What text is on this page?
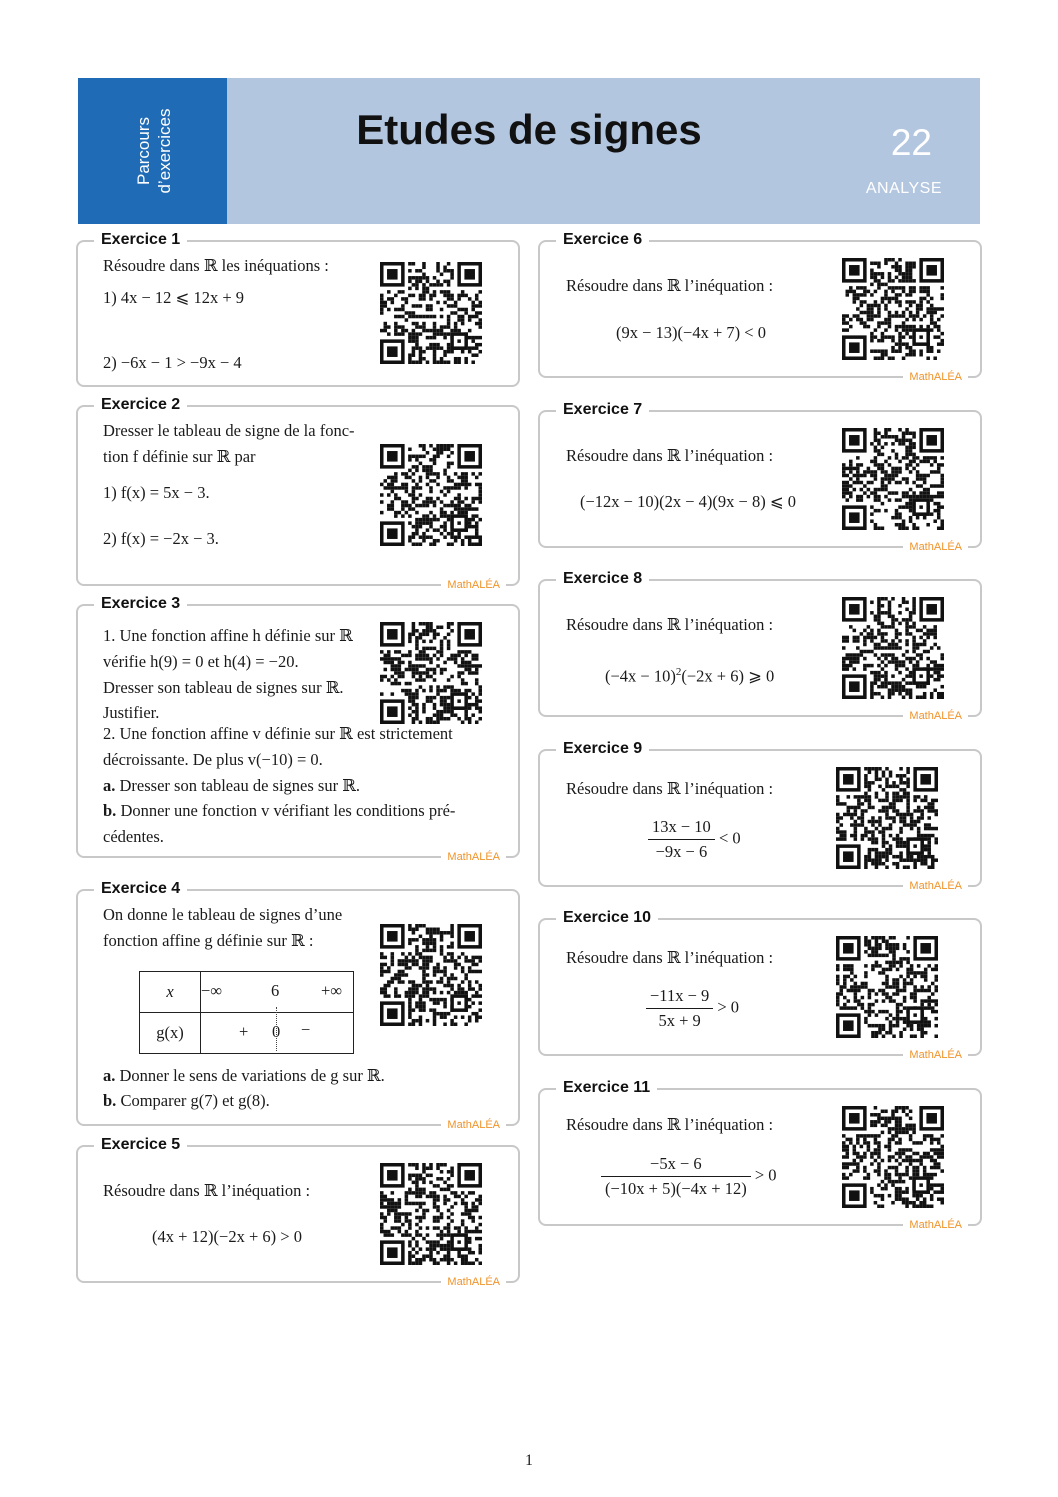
Parcours d’exercices	Etudes de signes	22
ANALYSE
Exercice 1
Résoudre dans ℝ les inéquations :
1) 4x − 12 ⩽ 12x + 9
2) −6x − 1 > −9x − 4
Exercice 2
Dresser le tableau de signe de la fonc-
tion f définie sur ℝ par
1) f(x) = 5x − 3.
2) f(x) = −2x − 3.
MathALÉA
Exercice 3
1. Une fonction affine h définie sur ℝ
vérifie h(9) = 0 et h(4) = −20.
Dresser son tableau de signes sur ℝ.
Justifier.
2. Une fonction affine v définie sur ℝ est strictement
décroissante. De plus v(−10) = 0.
a. Dresser son tableau de signes sur ℝ.
b. Donner une fonction v vérifiant les conditions pré-
cédentes.
MathALÉA
Exercice 4
On donne le tableau de signes d’une
fonction affine g définie sur ℝ :
x	−∞ 6 +∞

g(x)	+ 0 −
a. Donner le sens de variations de g sur ℝ.
b. Comparer g(7) et g(8).
MathALÉA
Exercice 5
Résoudre dans ℝ l’inéquation :
(4x + 12)(−2x + 6) > 0
MathALÉA
Exercice 6
Résoudre dans ℝ l’inéquation :
(9x − 13)(−4x + 7) < 0
MathALÉA
Exercice 7
Résoudre dans ℝ l’inéquation :
(−12x − 10)(2x − 4)(9x − 8) ⩽ 0
MathALÉA
Exercice 8
Résoudre dans ℝ l’inéquation :
$(-4x - 10)^2(-2x + 6)$ ⩾ 0
MathALÉA
Exercice 9
Résoudre dans ℝ l’inéquation :
$\frac{13x - 10}{-9x - 6} < 0$
MathALÉA
Exercice 10
Résoudre dans ℝ l’inéquation :
$\frac{-11x - 9}{5x + 9} > 0$
MathALÉA
Exercice 11
Résoudre dans ℝ l’inéquation :
$\frac{-5x - 6}{(-10x + 5)(-4x + 12)} > 0$
MathALÉA
1
